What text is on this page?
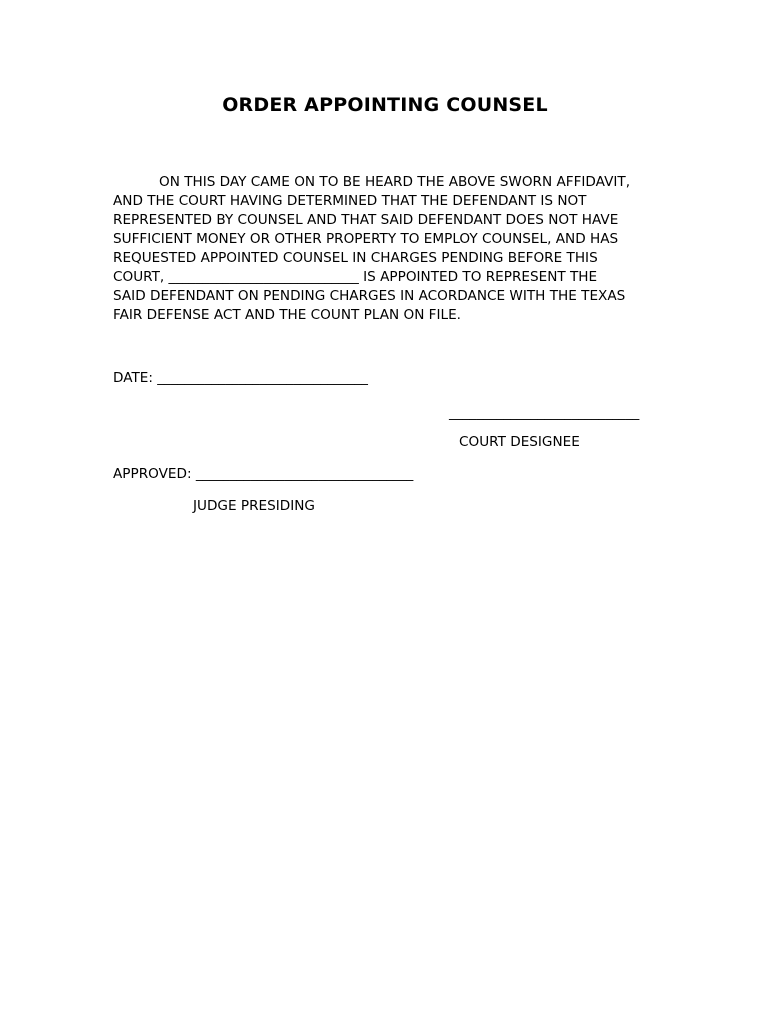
ORDER APPOINTING COUNSEL
ON THIS DAY CAME ON TO BE HEARD THE ABOVE SWORN AFFIDAVIT,
AND THE COURT HAVING DETERMINED THAT THE DEFENDANT IS NOT
REPRESENTED BY COUNSEL AND THAT SAID DEFENDANT DOES NOT HAVE
SUFFICIENT MONEY OR OTHER PROPERTY TO EMPLOY COUNSEL, AND HAS
REQUESTED APPOINTED COUNSEL IN CHARGES PENDING BEFORE THIS
COURT, ____________________________ IS APPOINTED TO REPRESENT THE
SAID DEFENDANT ON PENDING CHARGES IN ACORDANCE WITH THE TEXAS
FAIR DEFENSE ACT AND THE COUNT PLAN ON FILE.
DATE: _______________________________
____________________________
COURT DESIGNEE
APPROVED: ________________________________
JUDGE PRESIDING
